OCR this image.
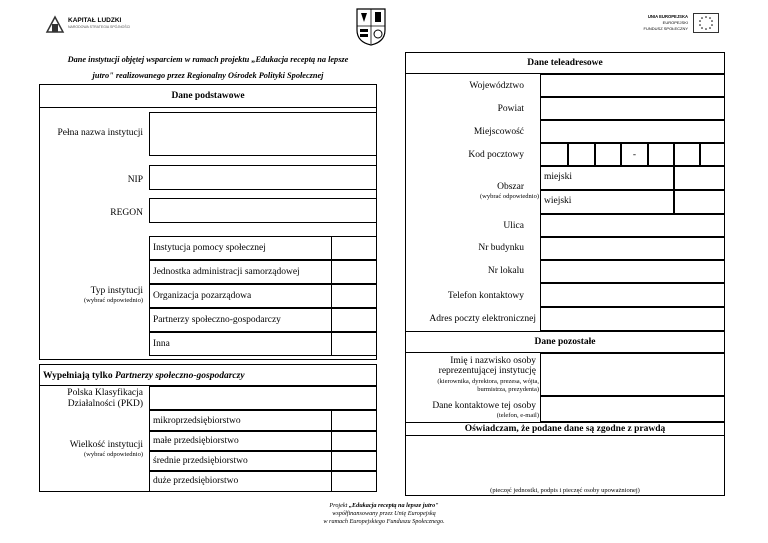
KAPITAŁ LUDZKI
NARODOWA STRATEGIA SPÓJNOŚCI
UNIA EUROPEJSKA
EUROPEJSKI
FUNDUSZ SPOŁECZNY
Dane instytucji objętej wsparciem w ramach projektu „Edukacja receptą na lepsze
jutro" realizowanego przez Regionalny Ośrodek Polityki Społecznej
Dane podstawowe
Pełna nazwa instytucji
NIP
REGON
Typ instytucji
(wybrać odpowiednio)
Instytucja pomocy społecznej
Jednostka administracji samorządowej
Organizacja pozarządowa
Partnerzy społeczno-gospodarczy
Inna
Wypełniają tylko Partnerzy społeczno-gospodarczy
Polska Klasyfikacja
Działalności (PKD)
Wielkość instytucji
(wybrać odpowiednio)
mikroprzedsiębiorstwo
małe przedsiębiorstwo
średnie przedsiębiorstwo
duże przedsiębiorstwo
Dane teleadresowe
Województwo
Powiat
Miejscowość
Kod pocztowy	-
Obszar
(wybrać odpowiednio)
miejski
wiejski
Ulica
Nr budynku
Nr lokalu
Telefon kontaktowy
Adres poczty elektronicznej
Dane pozostałe
Imię i nazwisko osoby
reprezentującej instytucję
(kierownika, dyrektora, prezesa, wójta,
burmistrza, prezydenta)
Dane kontaktowe tej osoby
(telefon, e-mail)
Oświadczam, że podane dane są zgodne z prawdą
(pieczęć jednostki, podpis i pieczęć osoby upoważnionej)
Projekt „Edukacja receptą na lepsze jutro"
współfinansowany przez Unię Europejską
w ramach Europejskiego Funduszu Społecznego.
